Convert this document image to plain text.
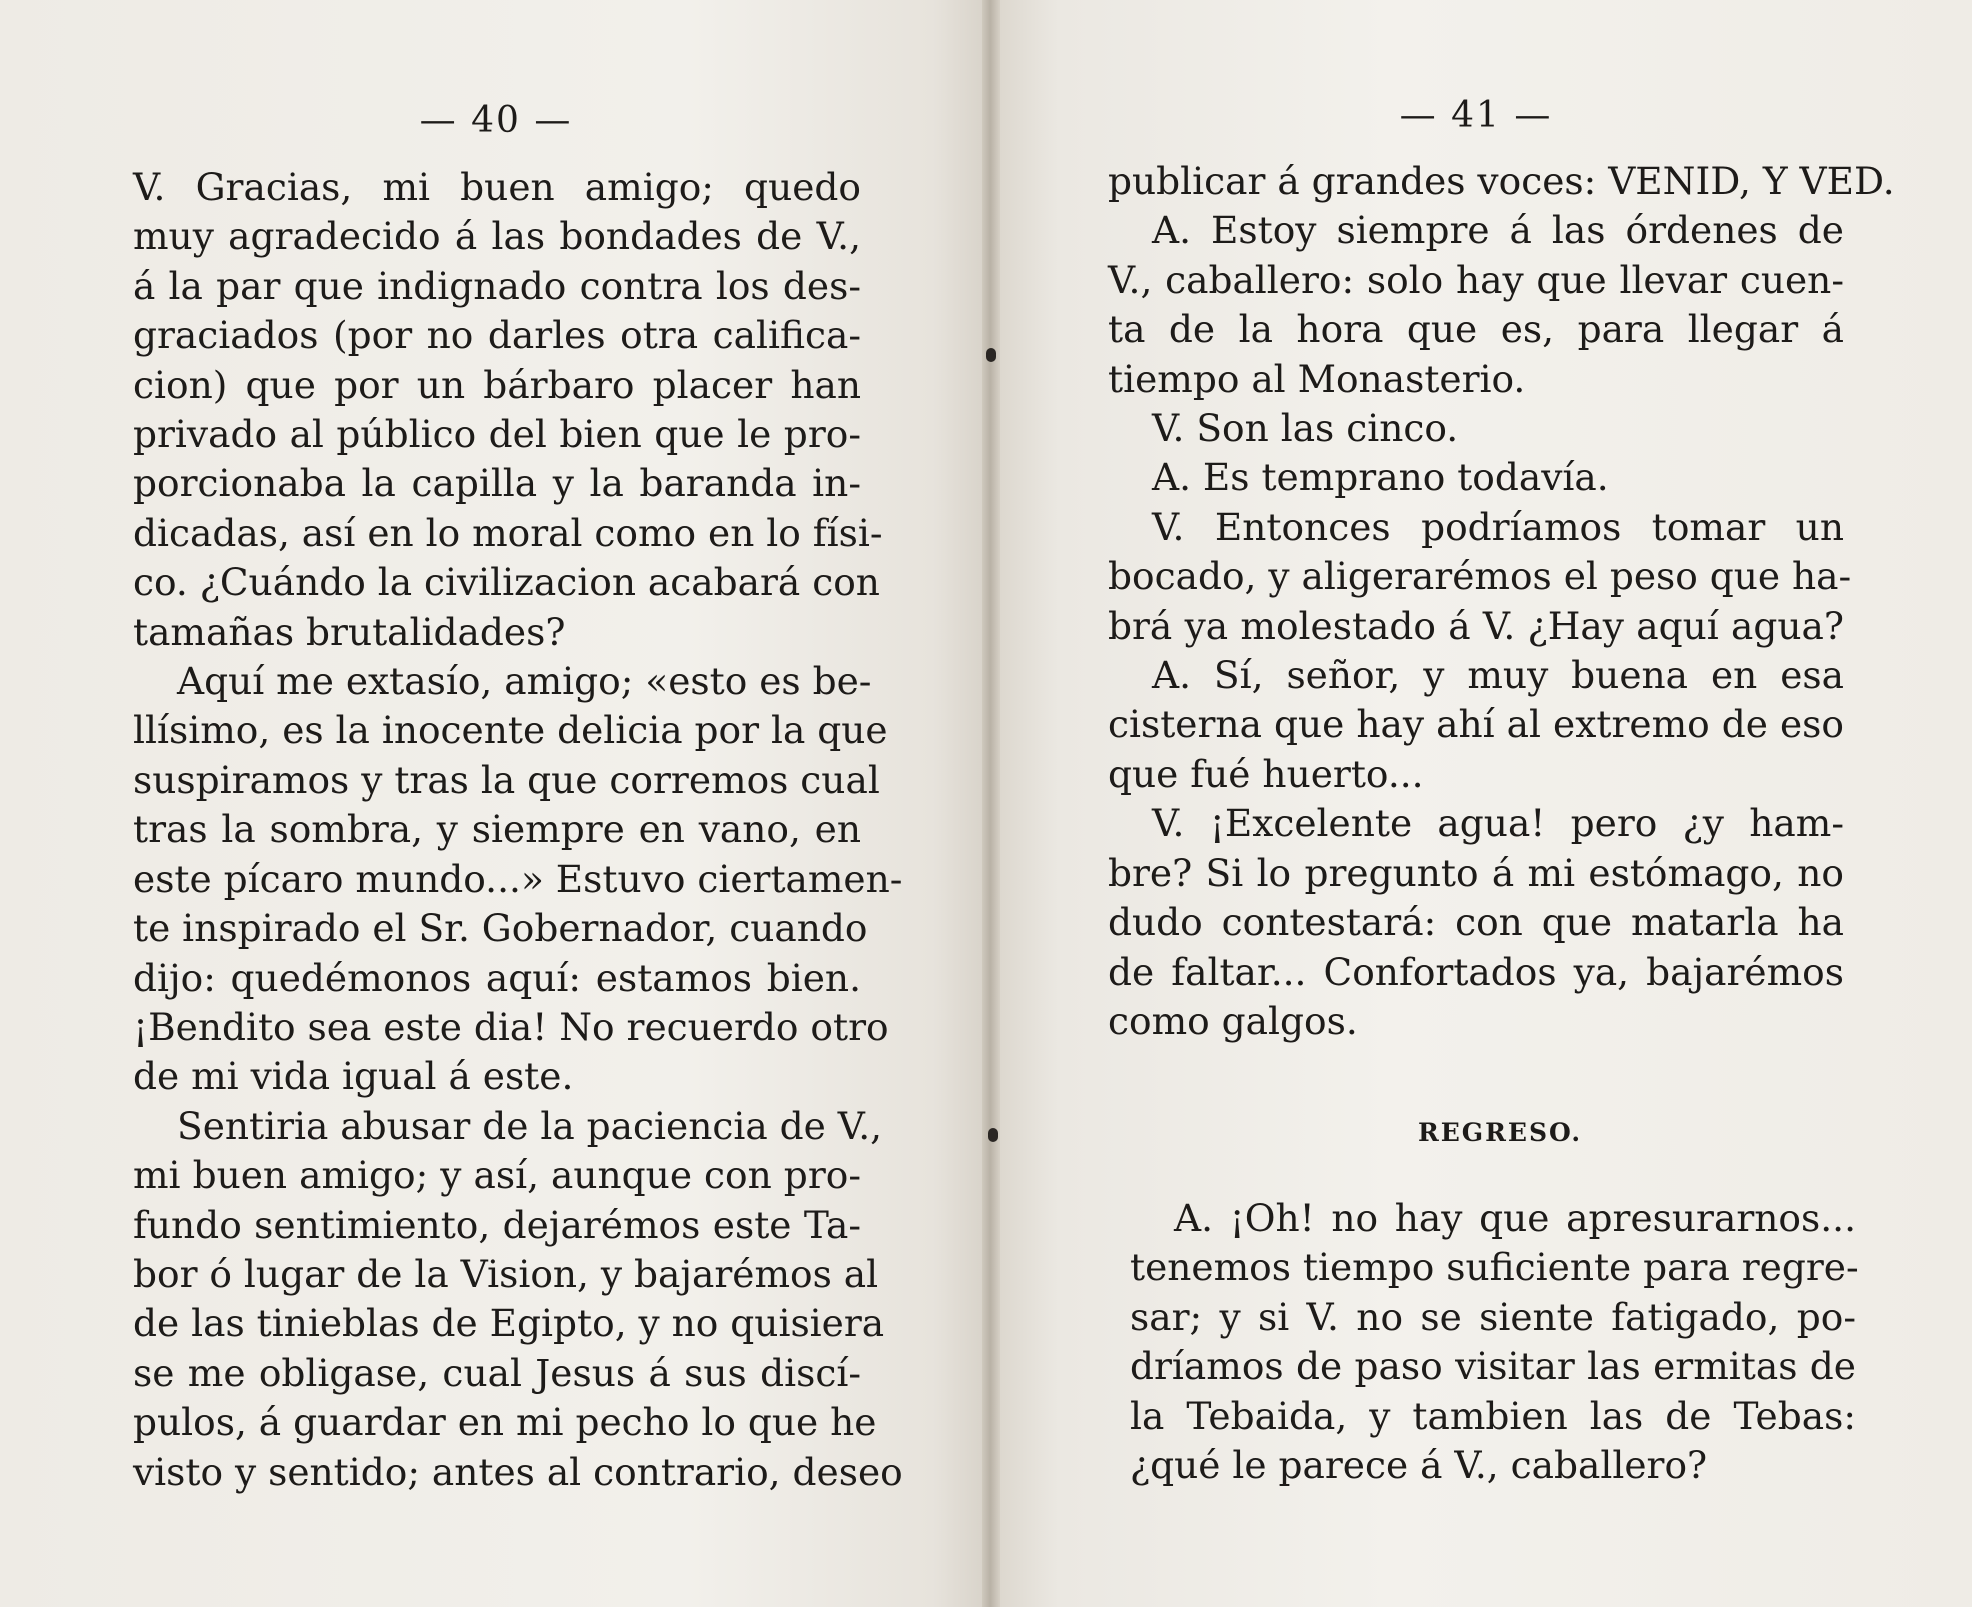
— 40 —
V. Gracias, mi buen amigo; quedo
muy agradecido á las bondades de V.,
á la par que indignado contra los des-
graciados (por no darles otra califica-
cion) que por un bárbaro placer han
privado al público del bien que le pro-
porcionaba la capilla y la baranda in-
dicadas, así en lo moral como en lo físi-
co. ¿Cuándo la civilizacion acabará con
tamañas brutalidades?
Aquí me extasío, amigo; «esto es be-
llísimo, es la inocente delicia por la que
suspiramos y tras la que corremos cual
tras la sombra, y siempre en vano, en
este pícaro mundo...» Estuvo ciertamen-
te inspirado el Sr. Gobernador, cuando
dijo: quedémonos aquí: estamos bien.
¡Bendito sea este dia! No recuerdo otro
de mi vida igual á este.
Sentiria abusar de la paciencia de V.,
mi buen amigo; y así, aunque con pro-
fundo sentimiento, dejarémos este Ta-
bor ó lugar de la Vision, y bajarémos al
de las tinieblas de Egipto, y no quisiera
se me obligase, cual Jesus á sus discí-
pulos, á guardar en mi pecho lo que he
visto y sentido; antes al contrario, deseo
— 41 —
publicar á grandes voces: VENID, Y VED.
A. Estoy siempre á las órdenes de
V., caballero: solo hay que llevar cuen-
ta de la hora que es, para llegar á
tiempo al Monasterio.
V. Son las cinco.
A. Es temprano todavía.
V. Entonces podríamos tomar un
bocado, y aligerarémos el peso que ha-
brá ya molestado á V. ¿Hay aquí agua?
A. Sí, señor, y muy buena en esa
cisterna que hay ahí al extremo de eso
que fué huerto...
V. ¡Excelente agua! pero ¿y ham-
bre? Si lo pregunto á mi estómago, no
dudo contestará: con que matarla ha
de faltar... Confortados ya, bajarémos
como galgos.
REGRESO.
A. ¡Oh! no hay que apresurarnos...
tenemos tiempo suficiente para regre-
sar; y si V. no se siente fatigado, po-
dríamos de paso visitar las ermitas de
la Tebaida, y tambien las de Tebas:
¿qué le parece á V., caballero?
